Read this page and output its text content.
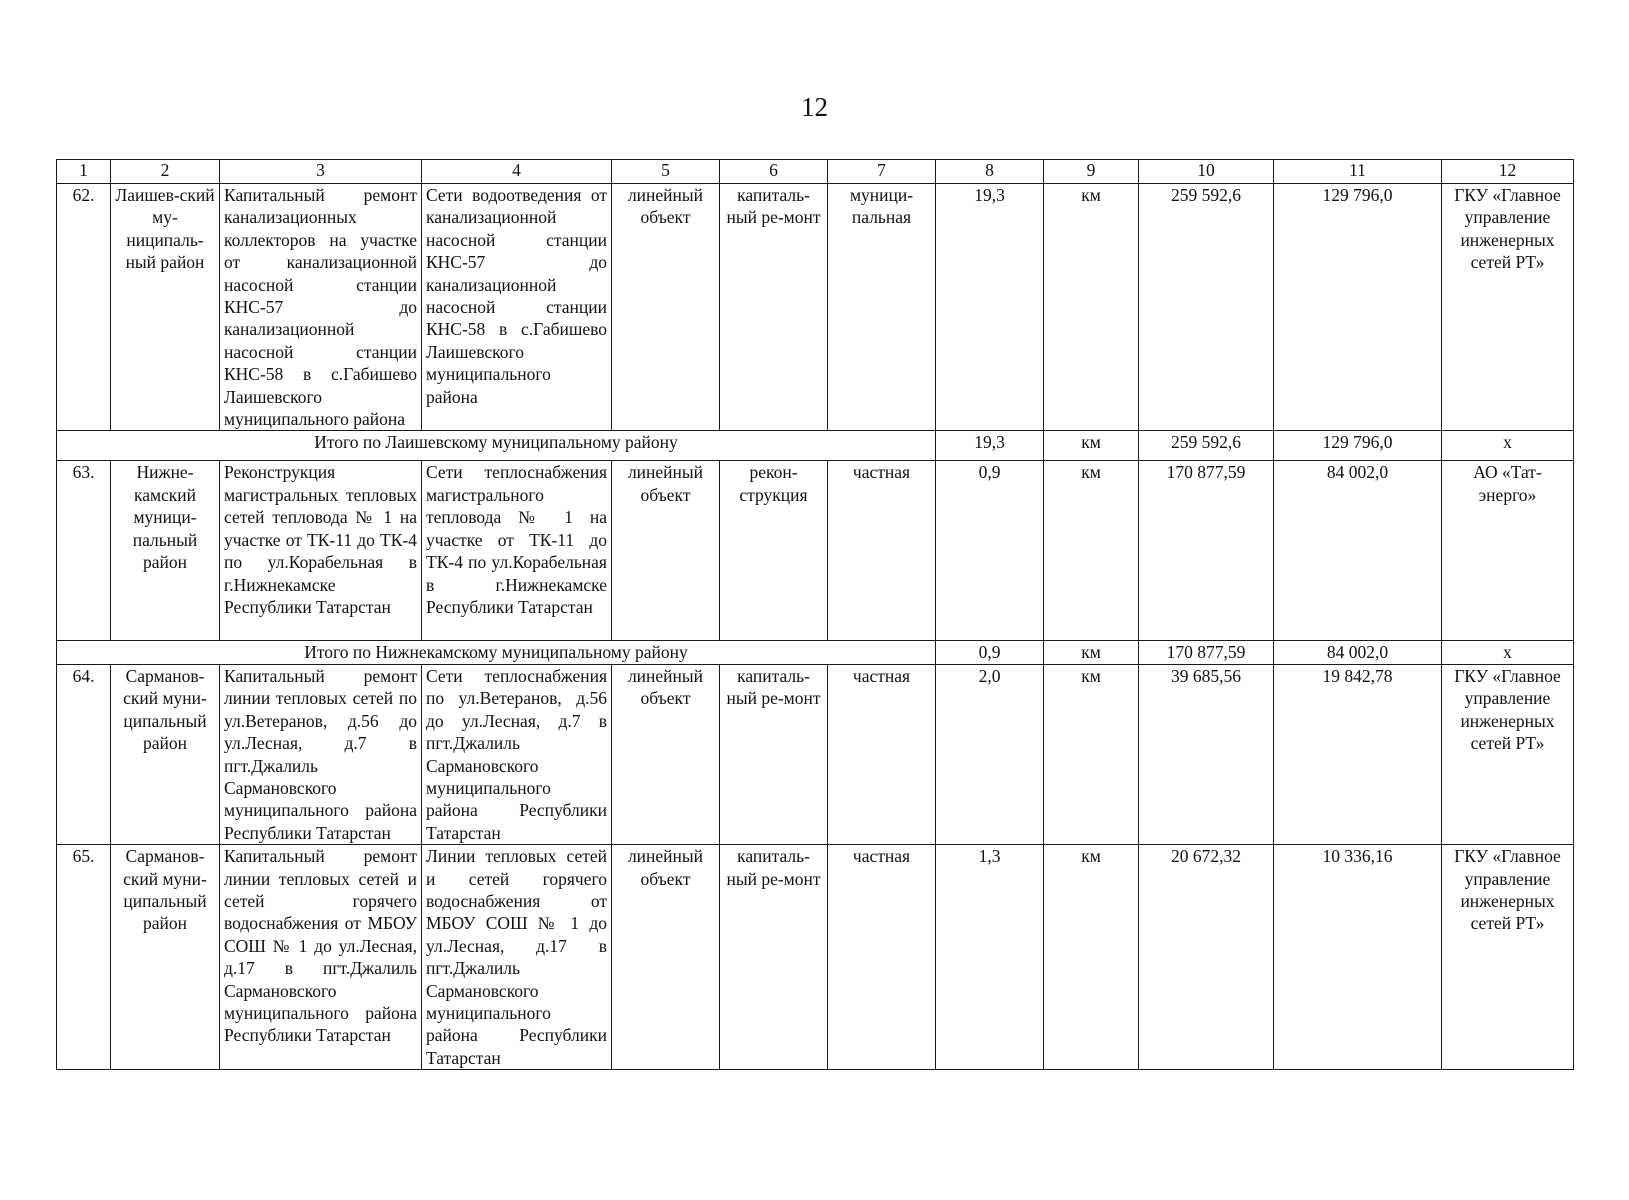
12
1	2	3	4	5	6	7	8	9	10	11	12
62.	Лаишев-ский му-ниципаль-ный район	Капитальный ремонт канализационных коллекторов на участке от канализационной насосной станции КНС-57 до канализационной насосной станции КНС-58 в с.Габишево Лаишевского муниципального района	Сети водоотведения от канализационной насосной станции КНС-57 до канализационной насосной станции КНС-58 в с.Габишево Лаишевского муниципального района	линейный объект	капиталь-ный ре-монт	муници-пальная	19,3	км	259 592,6	129 796,0	ГКУ «Главное управление инженерных сетей РТ»
Итого по Лаишевскому муниципальному району							19,3	км	259 592,6	129 796,0	х
63.	Нижне-камский муници-пальный район	Реконструкция магистральных тепловых сетей тепловода № 1 на участке от ТК-11 до ТК-4 по ул.Корабельная в г.Нижнекамске Республики Татарстан	Сети теплоснабжения магистрального тепловода № 1 на участке от ТК-11 до ТК-4 по ул.Корабельная в г.Нижнекамске Республики Татарстан	линейный объект	рекон-струкция	частная	0,9	км	170 877,59	84 002,0	АО «Тат-энерго»
Итого по Нижнекамскому муниципальному району							0,9	км	170 877,59	84 002,0	х
64.	Сарманов-ский муни-ципальный район	Капитальный ремонт линии тепловых сетей по ул.Ветеранов, д.56 до ул.Лесная, д.7 в пгт.Джалиль Сармановского муниципального района Республики Татарстан	Сети теплоснабжения по ул.Ветеранов, д.56 до ул.Лесная, д.7 в пгт.Джалиль Сармановского муниципального района Республики Татарстан	линейный объект	капиталь-ный ре-монт	частная	2,0	км	39 685,56	19 842,78	ГКУ «Главное управление инженерных сетей РТ»
65.	Сарманов-ский муни-ципальный район	Капитальный ремонт линии тепловых сетей и сетей горячего водоснабжения от МБОУ СОШ № 1 до ул.Лесная, д.17 в пгт.Джалиль Сармановского муниципального района Республики Татарстан	Линии тепловых сетей и сетей горячего водоснабжения от МБОУ СОШ № 1 до ул.Лесная, д.17 в пгт.Джалиль Сармановского муниципального района Республики Татарстан	линейный объект	капиталь-ный ре-монт	частная	1,3	км	20 672,32	10 336,16	ГКУ «Главное управление инженерных сетей РТ»
